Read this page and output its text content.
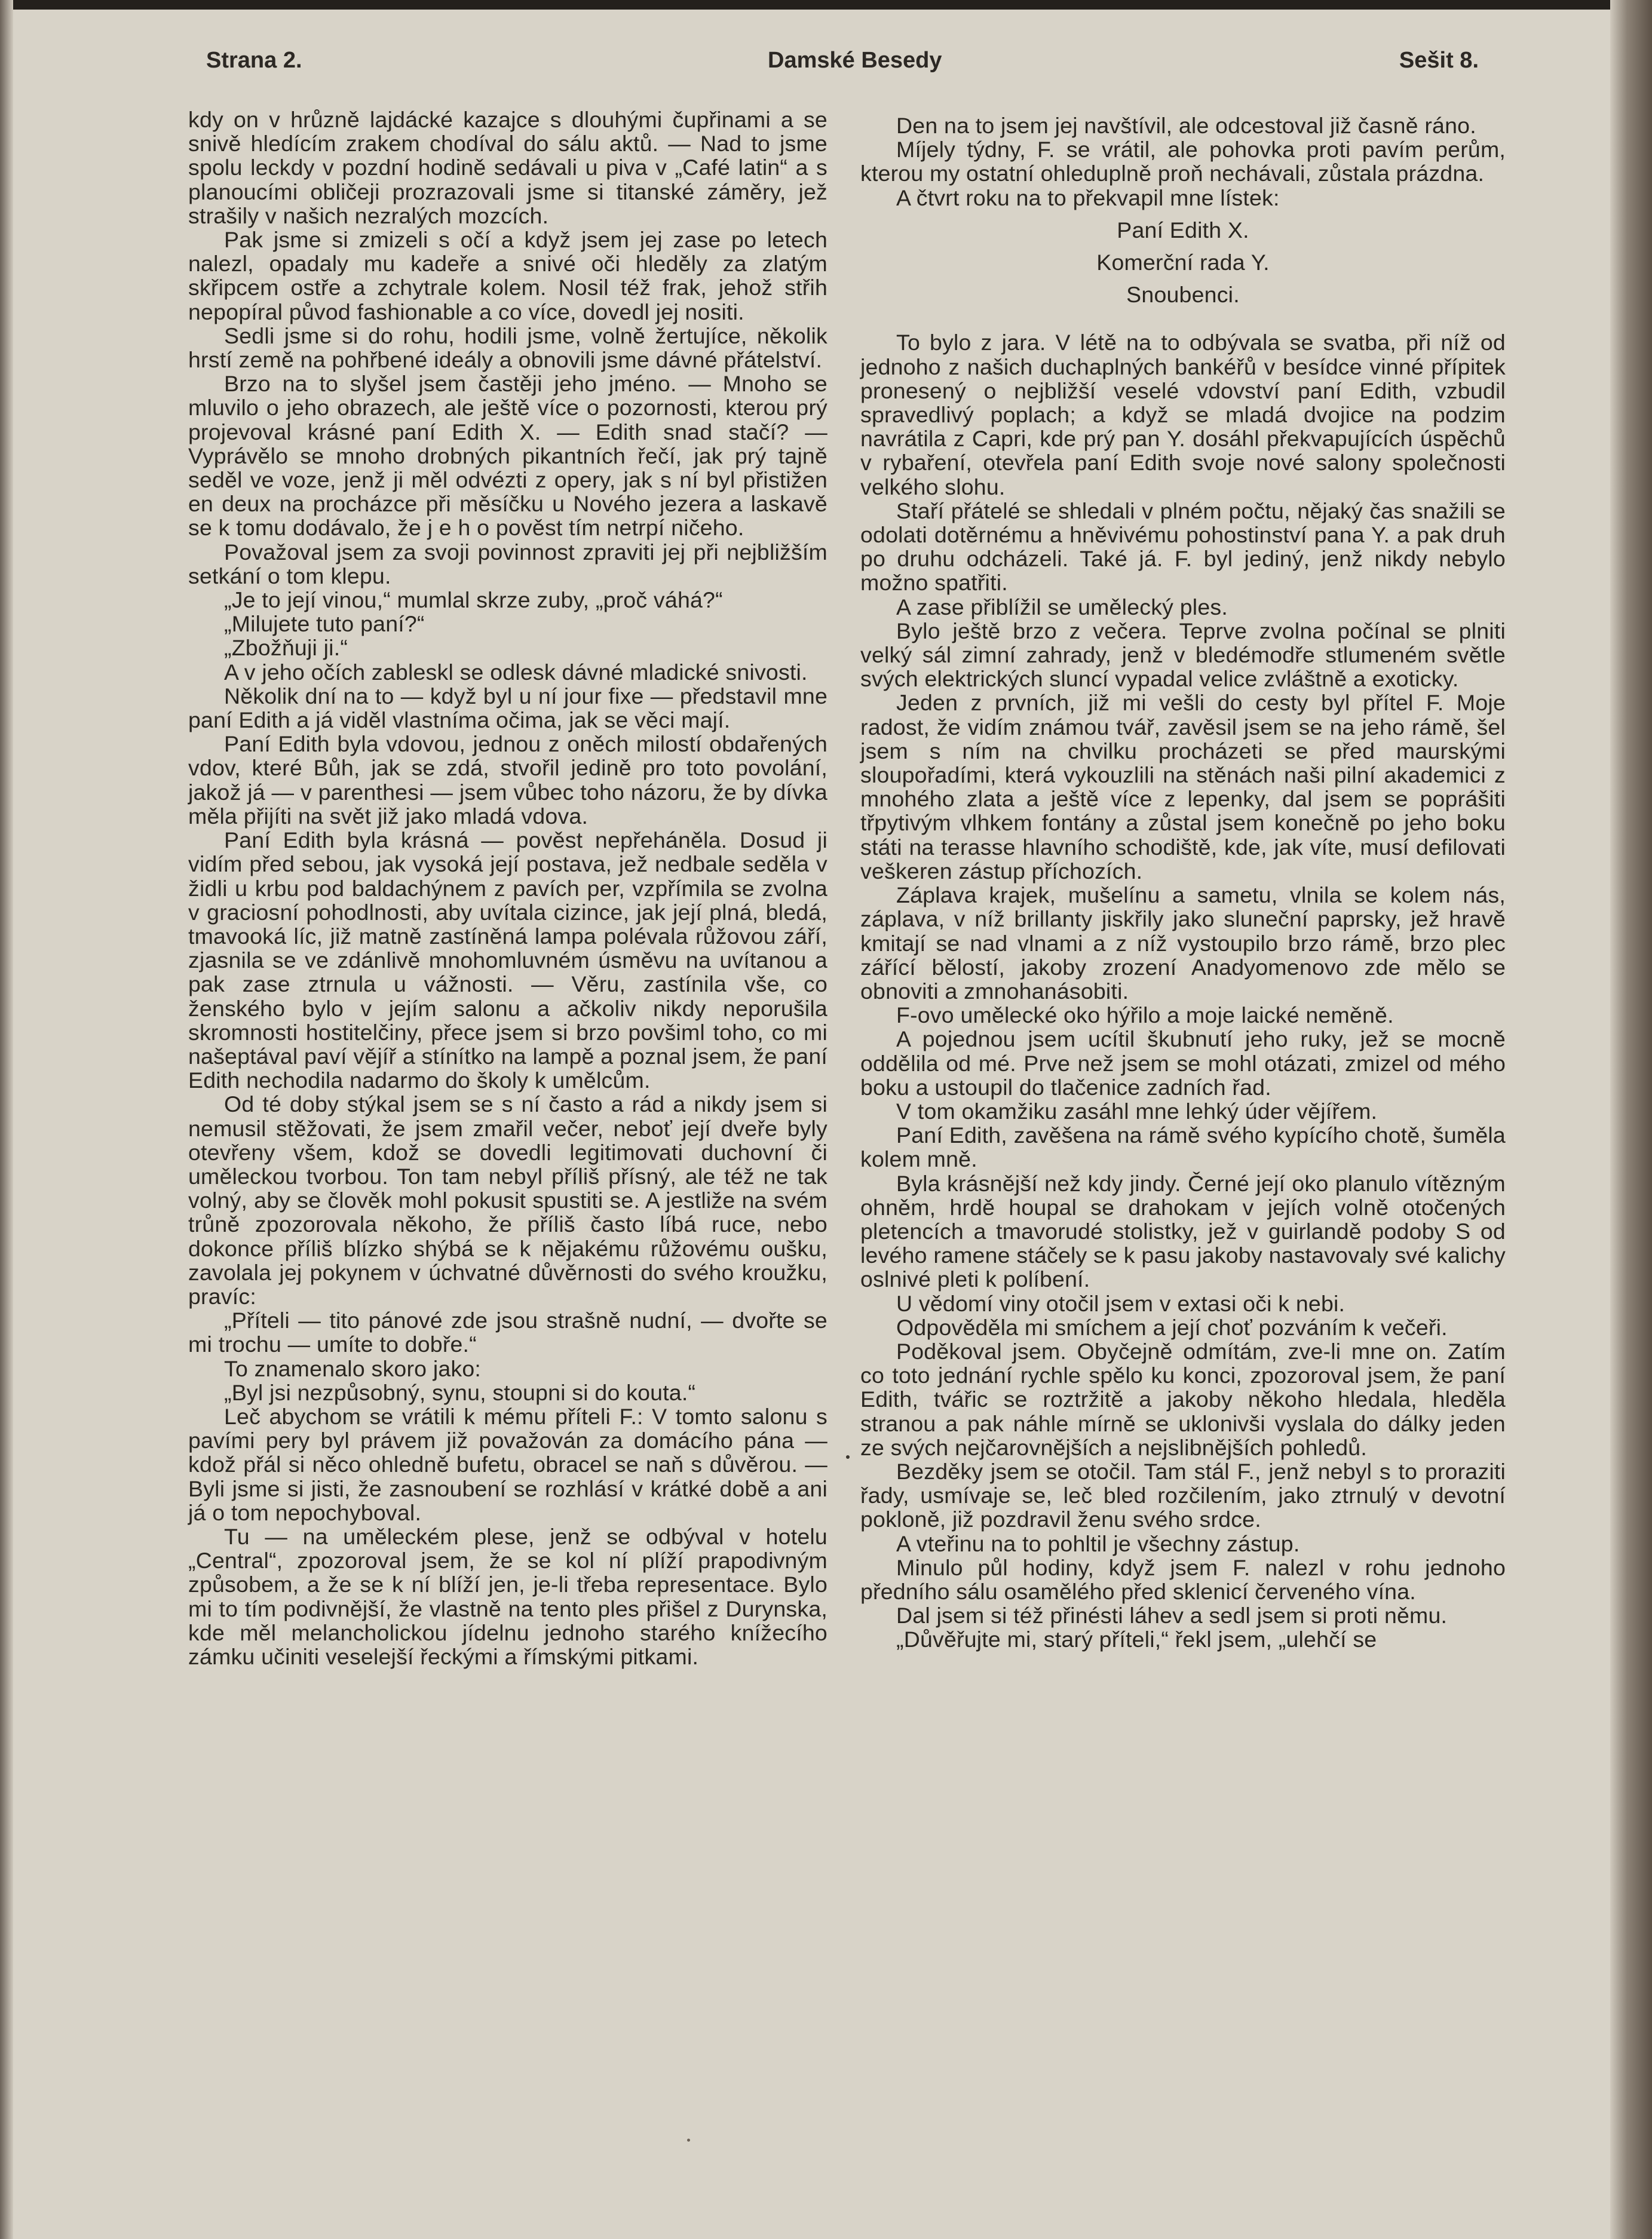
Strana 2.	Damské Besedy	Sešit 8.

kdy on v hrůzně lajdácké kazajce s dlouhými čupřinami a se snivě hledícím zrakem chodíval do sálu aktů. — Nad to jsme spolu leckdy v pozdní hodině sedávali u piva v „Café latin“ a s planoucími obličeji prozrazovali jsme si titanské záměry, jež strašily v našich nezralých mozcích.

Pak jsme si zmizeli s očí a když jsem jej zase po letech nalezl, opadaly mu kadeře a snivé oči hleděly za zlatým skřipcem ostře a zchytrale kolem. Nosil též frak, jehož střih nepopíral původ fashionable a co více, dovedl jej nositi.

Sedli jsme si do rohu, hodili jsme, volně žertujíce, několik hrstí země na pohřbené ideály a obnovili jsme dávné přátelství.

Brzo na to slyšel jsem častěji jeho jméno. — Mnoho se mluvilo o jeho obrazech, ale ještě více o pozornosti, kterou prý projevoval krásné paní Edith X. — Edith snad stačí? — Vyprávělo se mnoho drobných pikantních řečí, jak prý tajně seděl ve voze, jenž ji měl odvézti z opery, jak s ní byl přistižen en deux na procházce při měsíčku u Nového jezera a laskavě se k tomu dodávalo, že j e h o pověst tím netrpí ničeho.

Považoval jsem za svoji povinnost zpraviti jej při nejbližším setkání o tom klepu.

„Je to její vinou,“ mumlal skrze zuby, „proč váhá?“

„Milujete tuto paní?“

„Zbožňuji ji.“

A v jeho očích zableskl se odlesk dávné mladické snivosti.

Několik dní na to — když byl u ní jour fixe — představil mne paní Edith a já viděl vlastníma očima, jak se věci mají.

Paní Edith byla vdovou, jednou z oněch milostí obdařených vdov, které Bůh, jak se zdá, stvořil jedině pro toto povolání, jakož já — v parenthesi — jsem vůbec toho názoru, že by dívka měla přijíti na svět již jako mladá vdova.

Paní Edith byla krásná — pověst nepřeháněla. Dosud ji vidím před sebou, jak vysoká její postava, jež nedbale seděla v židli u krbu pod baldachýnem z pavích per, vzpřímila se zvolna v graciosní pohodlnosti, aby uvítala cizince, jak její plná, bledá, tmavooká líc, již matně zastíněná lampa polévala růžovou září, zjasnila se ve zdánlivě mnohomluvném úsměvu na uvítanou a pak zase ztrnula u vážnosti. — Věru, zastínila vše, co ženského bylo v jejím salonu a ačkoliv nikdy neporušila skromnosti hostitelčiny, přece jsem si brzo povšiml toho, co mi našeptával paví vějíř a stínítko na lampě a poznal jsem, že paní Edith nechodila nadarmo do školy k umělcům.

Od té doby stýkal jsem se s ní často a rád a nikdy jsem si nemusil stěžovati, že jsem zmařil večer, neboť její dveře byly otevřeny všem, kdož se dovedli legitimovati duchovní či uměleckou tvorbou. Ton tam nebyl příliš přísný, ale též ne tak volný, aby se člověk mohl pokusit spustiti se. A jestliže na svém trůně zpozorovala někoho, že příliš často líbá ruce, nebo dokonce příliš blízko shýbá se k nějakému růžovému oušku, zavolala jej pokynem v úchvatné důvěrnosti do svého kroužku, pravíc:

„Příteli — tito pánové zde jsou strašně nudní, — dvořte se mi trochu — umíte to dobře.“

To znamenalo skoro jako:

„Byl jsi nezpůsobný, synu, stoupni si do kouta.“

Leč abychom se vrátili k mému příteli F.: V tomto salonu s pavími pery byl právem již považován za domácího pána — kdož přál si něco ohledně bufetu, obracel se naň s důvěrou. — Byli jsme si jisti, že zasnoubení se rozhlásí v krátké době a ani já o tom nepochyboval.

Tu — na uměleckém plese, jenž se odbýval v hotelu „Central“, zpozoroval jsem, že se kol ní plíží prapodivným způsobem, a že se k ní blíží jen, je-li třeba representace. Bylo mi to tím podivnější, že vlastně na tento ples přišel z Durynska, kde měl melancholickou jídelnu jednoho starého knížecího zámku učiniti veselejší řeckými a římskými pitkami.

Den na to jsem jej navštívil, ale odcestoval již časně ráno.

Míjely týdny, F. se vrátil, ale pohovka proti pavím perům, kterou my ostatní ohleduplně proň nechávali, zůstala prázdna.

A čtvrt roku na to překvapil mne lístek:

Paní Edith X.

Komerční rada Y.

Snoubenci.

To bylo z jara. V létě na to odbývala se svatba, při níž od jednoho z našich duchaplných bankéřů v besídce vinné přípitek pronesený o nejbližší veselé vdovství paní Edith, vzbudil spravedlivý poplach; a když se mladá dvojice na podzim navrátila z Capri, kde prý pan Y. dosáhl překvapujících úspěchů v rybaření, otevřela paní Edith svoje nové salony společnosti velkého slohu.

Staří přátelé se shledali v plném počtu, nějaký čas snažili se odolati dotěrnému a hněvivému pohostinství pana Y. a pak druh po druhu odcházeli. Také já. F. byl jediný, jenž nikdy nebylo možno spatřiti.

A zase přiblížil se umělecký ples.

Bylo ještě brzo z večera. Teprve zvolna počínal se plniti velký sál zimní zahrady, jenž v bledémodře stlumeném světle svých elektrických sluncí vypadal velice zvláštně a exoticky.

Jeden z prvních, již mi vešli do cesty byl přítel F. Moje radost, že vidím známou tvář, zavěsil jsem se na jeho rámě, šel jsem s ním na chvilku procházeti se před maurskými sloupořadími, která vykouzlili na stěnách naši pilní akademici z mnohého zlata a ještě více z lepenky, dal jsem se poprášiti třpytivým vlhkem fontány a zůstal jsem konečně po jeho boku státi na terasse hlavního schodiště, kde, jak víte, musí defilovati veškeren zástup příchozích.

Záplava krajek, mušelínu a sametu, vlnila se kolem nás, záplava, v níž brillanty jiskřily jako sluneční paprsky, jež hravě kmitají se nad vlnami a z níž vystoupilo brzo rámě, brzo plec zářící bělostí, jakoby zrození Anadyomenovo zde mělo se obnoviti a zmnohanásobiti.

F-ovo umělecké oko hýřilo a moje laické neměně.

A pojednou jsem ucítil škubnutí jeho ruky, jež se mocně oddělila od mé. Prve než jsem se mohl otázati, zmizel od mého boku a ustoupil do tlačenice zadních řad.

V tom okamžiku zasáhl mne lehký úder vějířem.

Paní Edith, zavěšena na rámě svého kypícího chotě, šuměla kolem mně.

Byla krásnější než kdy jindy. Černé její oko planulo vítězným ohněm, hrdě houpal se drahokam v jejích volně otočených pletencích a tmavorudé stolistky, jež v guirlandě podoby S od levého ramene stáčely se k pasu jakoby nastavovaly své kalichy oslnivé pleti k políbení.

U vědomí viny otočil jsem v extasi oči k nebi.

Odpověděla mi smíchem a její choť pozváním k večeři.

Poděkoval jsem. Obyčejně odmítám, zve-li mne on. Zatím co toto jednání rychle spělo ku konci, zpozoroval jsem, že paní Edith, tvářic se roztržitě a jakoby někoho hledala, hleděla stranou a pak náhle mírně se uklonivši vyslala do dálky jeden ze svých nejčarovnějších a nejslibnějších pohledů.

Bezděky jsem se otočil. Tam stál F., jenž nebyl s to proraziti řady, usmívaje se, leč bled rozčilením, jako ztrnulý v devotní pokloně, již pozdravil ženu svého srdce.

A vteřinu na to pohltil je všechny zástup.

Minulo půl hodiny, když jsem F. nalezl v rohu jednoho předního sálu osamělého před sklenicí červeného vína.

Dal jsem si též přinésti láhev a sedl jsem si proti němu.

„Důvěřujte mi, starý příteli,“ řekl jsem, „ulehčí se
